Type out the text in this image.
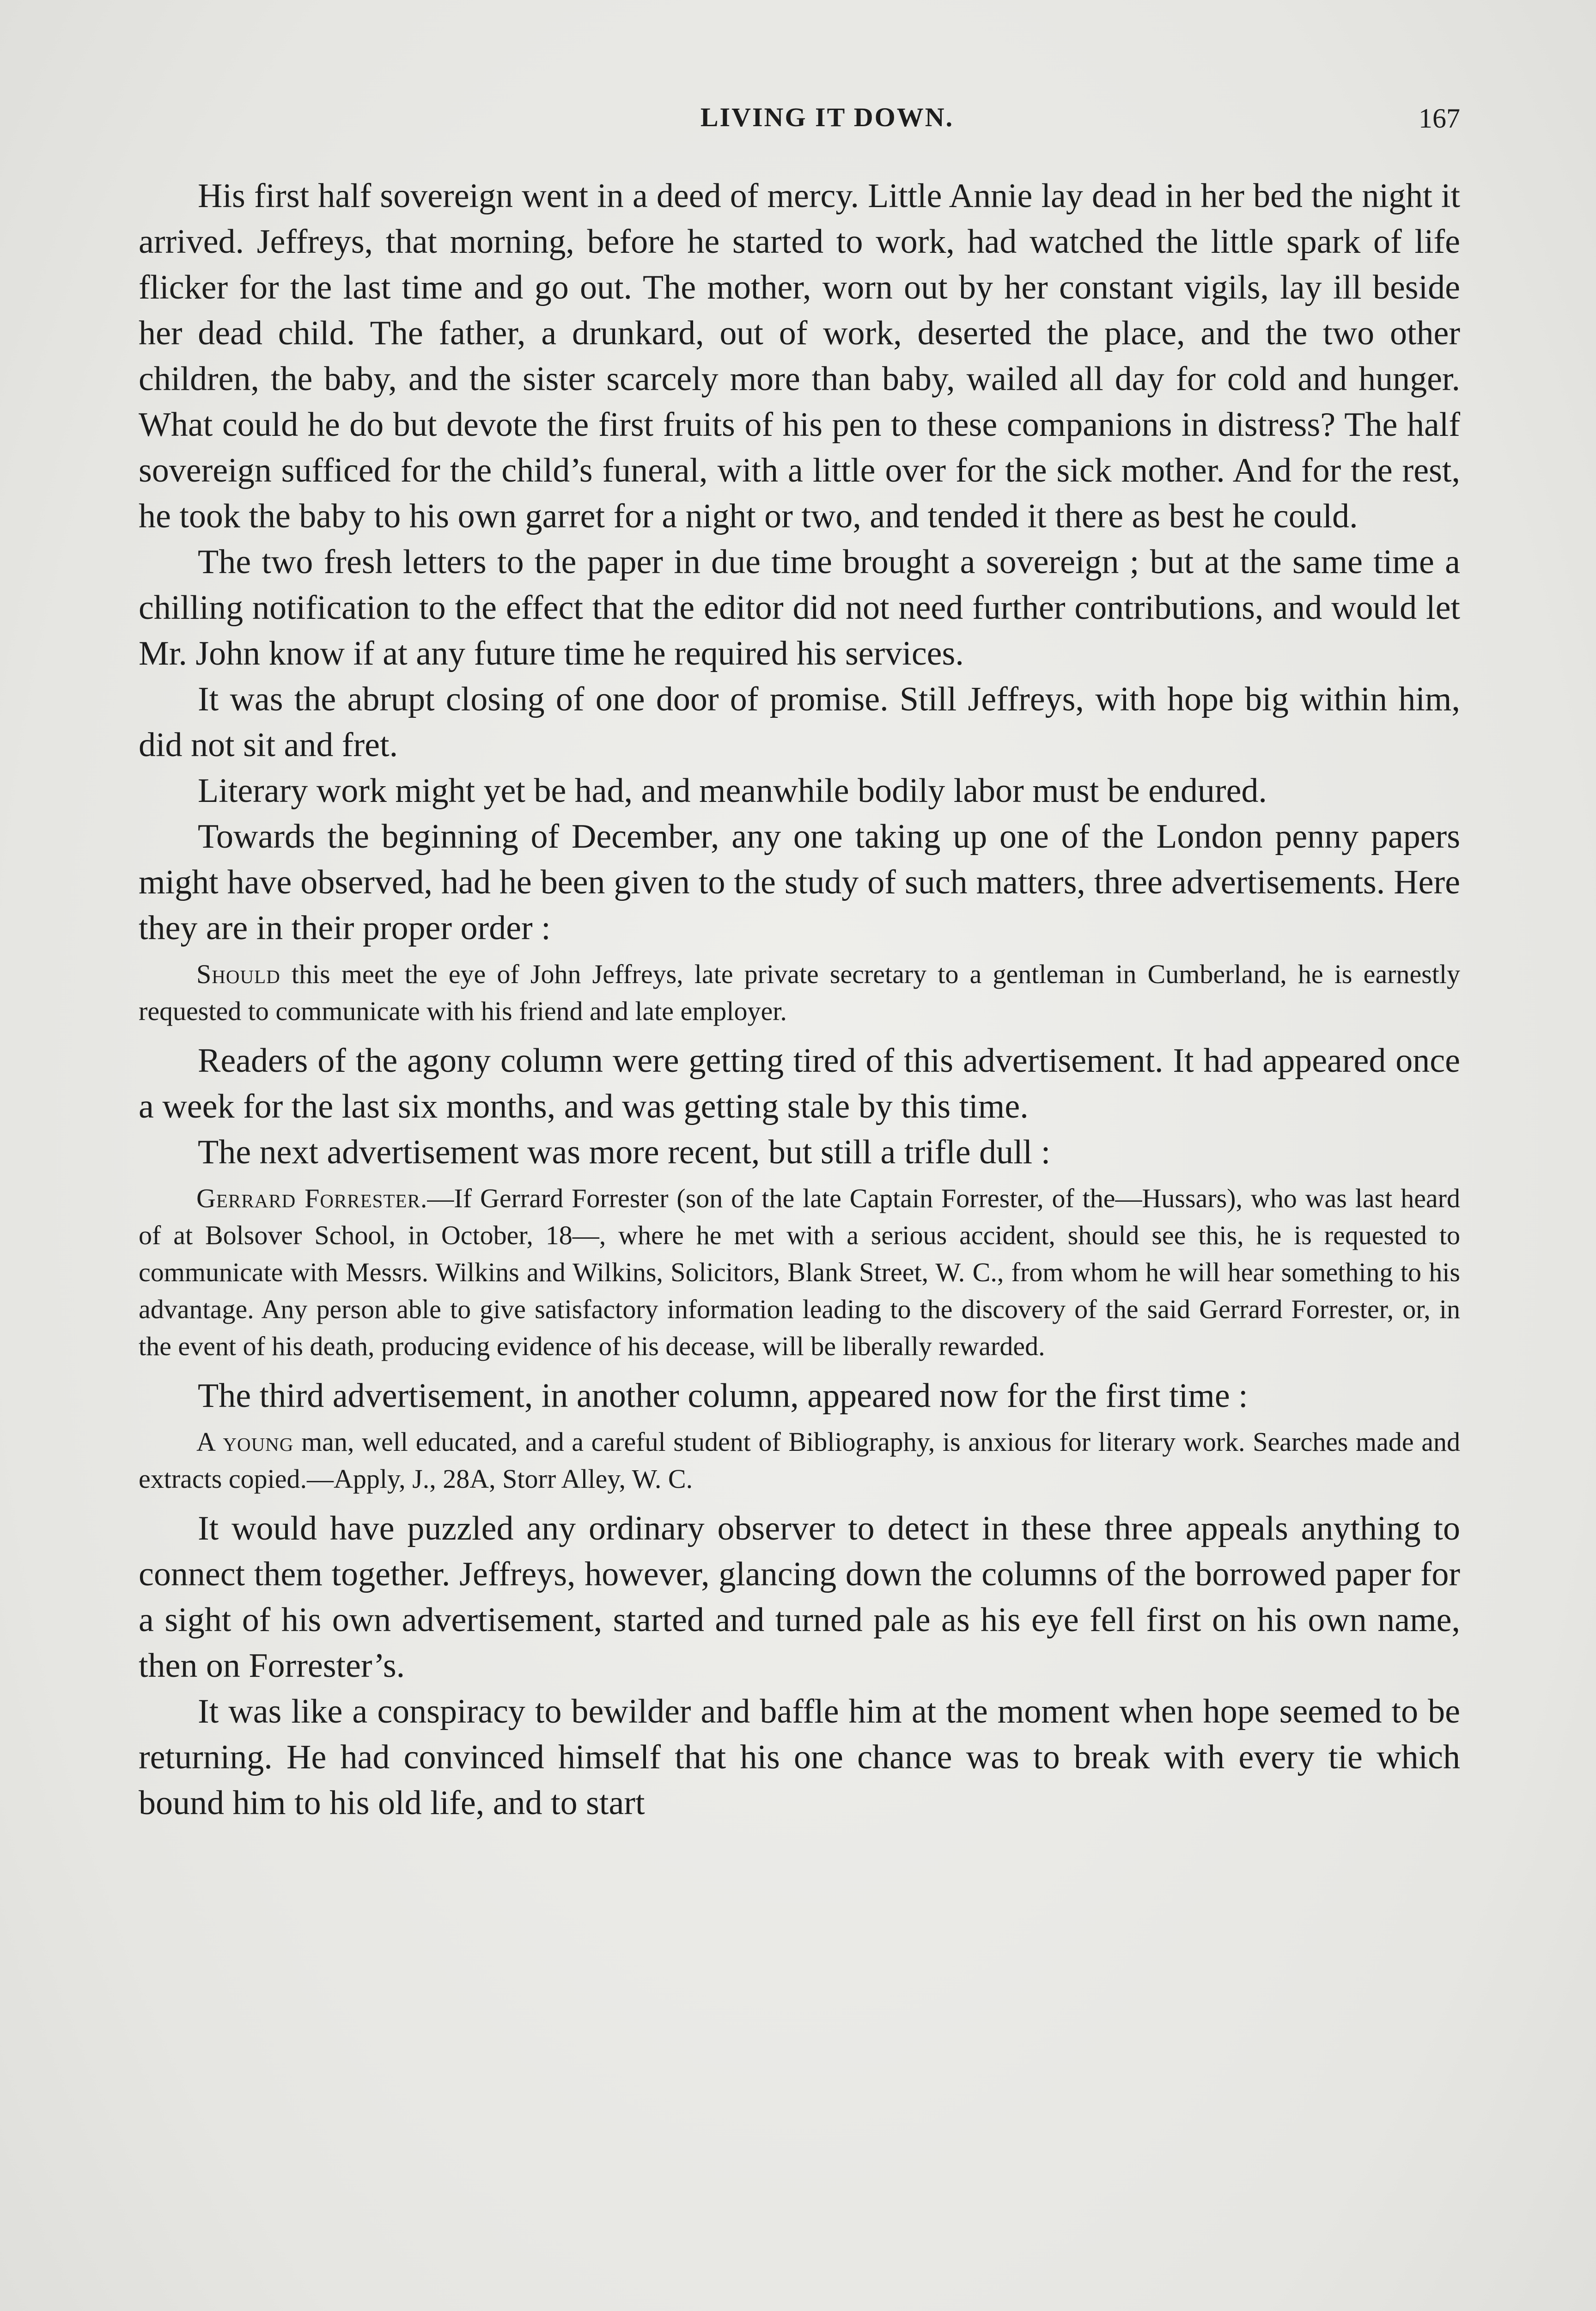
LIVING IT DOWN.	167

His first half sovereign went in a deed of mercy. Little Annie lay dead in her bed the night it arrived. Jeffreys, that morning, before he started to work, had watched the little spark of life flicker for the last time and go out. The mother, worn out by her constant vigils, lay ill beside her dead child. The father, a drunkard, out of work, deserted the place, and the two other children, the baby, and the sister scarcely more than baby, wailed all day for cold and hunger. What could he do but devote the first fruits of his pen to these companions in distress? The half sovereign sufficed for the child’s funeral, with a little over for the sick mother. And for the rest, he took the baby to his own garret for a night or two, and tended it there as best he could.

The two fresh letters to the paper in due time brought a sovereign ; but at the same time a chilling notification to the effect that the editor did not need further contributions, and would let Mr. John know if at any future time he required his services.

It was the abrupt closing of one door of promise. Still Jeffreys, with hope big within him, did not sit and fret.

Literary work might yet be had, and meanwhile bodily labor must be endured.

Towards the beginning of December, any one taking up one of the London penny papers might have observed, had he been given to the study of such matters, three advertisements. Here they are in their proper order :

Should this meet the eye of John Jeffreys, late private secretary to a gentleman in Cumberland, he is earnestly requested to communicate with his friend and late employer.

Readers of the agony column were getting tired of this advertisement. It had appeared once a week for the last six months, and was getting stale by this time.

The next advertisement was more recent, but still a trifle dull :

Gerrard Forrester.—If Gerrard Forrester (son of the late Captain Forrester, of the—Hussars), who was last heard of at Bolsover School, in October, 18—, where he met with a serious accident, should see this, he is requested to communicate with Messrs. Wilkins and Wilkins, Solicitors, Blank Street, W. C., from whom he will hear something to his advantage. Any person able to give satisfactory information leading to the discovery of the said Gerrard Forrester, or, in the event of his death, producing evidence of his decease, will be liberally rewarded.

The third advertisement, in another column, appeared now for the first time :

A young man, well educated, and a careful student of Bibliography, is anxious for literary work. Searches made and extracts copied.—Apply, J., 28A, Storr Alley, W. C.

It would have puzzled any ordinary observer to detect in these three appeals anything to connect them together. Jeffreys, however, glancing down the columns of the borrowed paper for a sight of his own advertisement, started and turned pale as his eye fell first on his own name, then on Forrester’s.

It was like a conspiracy to bewilder and baffle him at the moment when hope seemed to be returning. He had convinced himself that his one chance was to break with every tie which bound him to his old life, and to start
